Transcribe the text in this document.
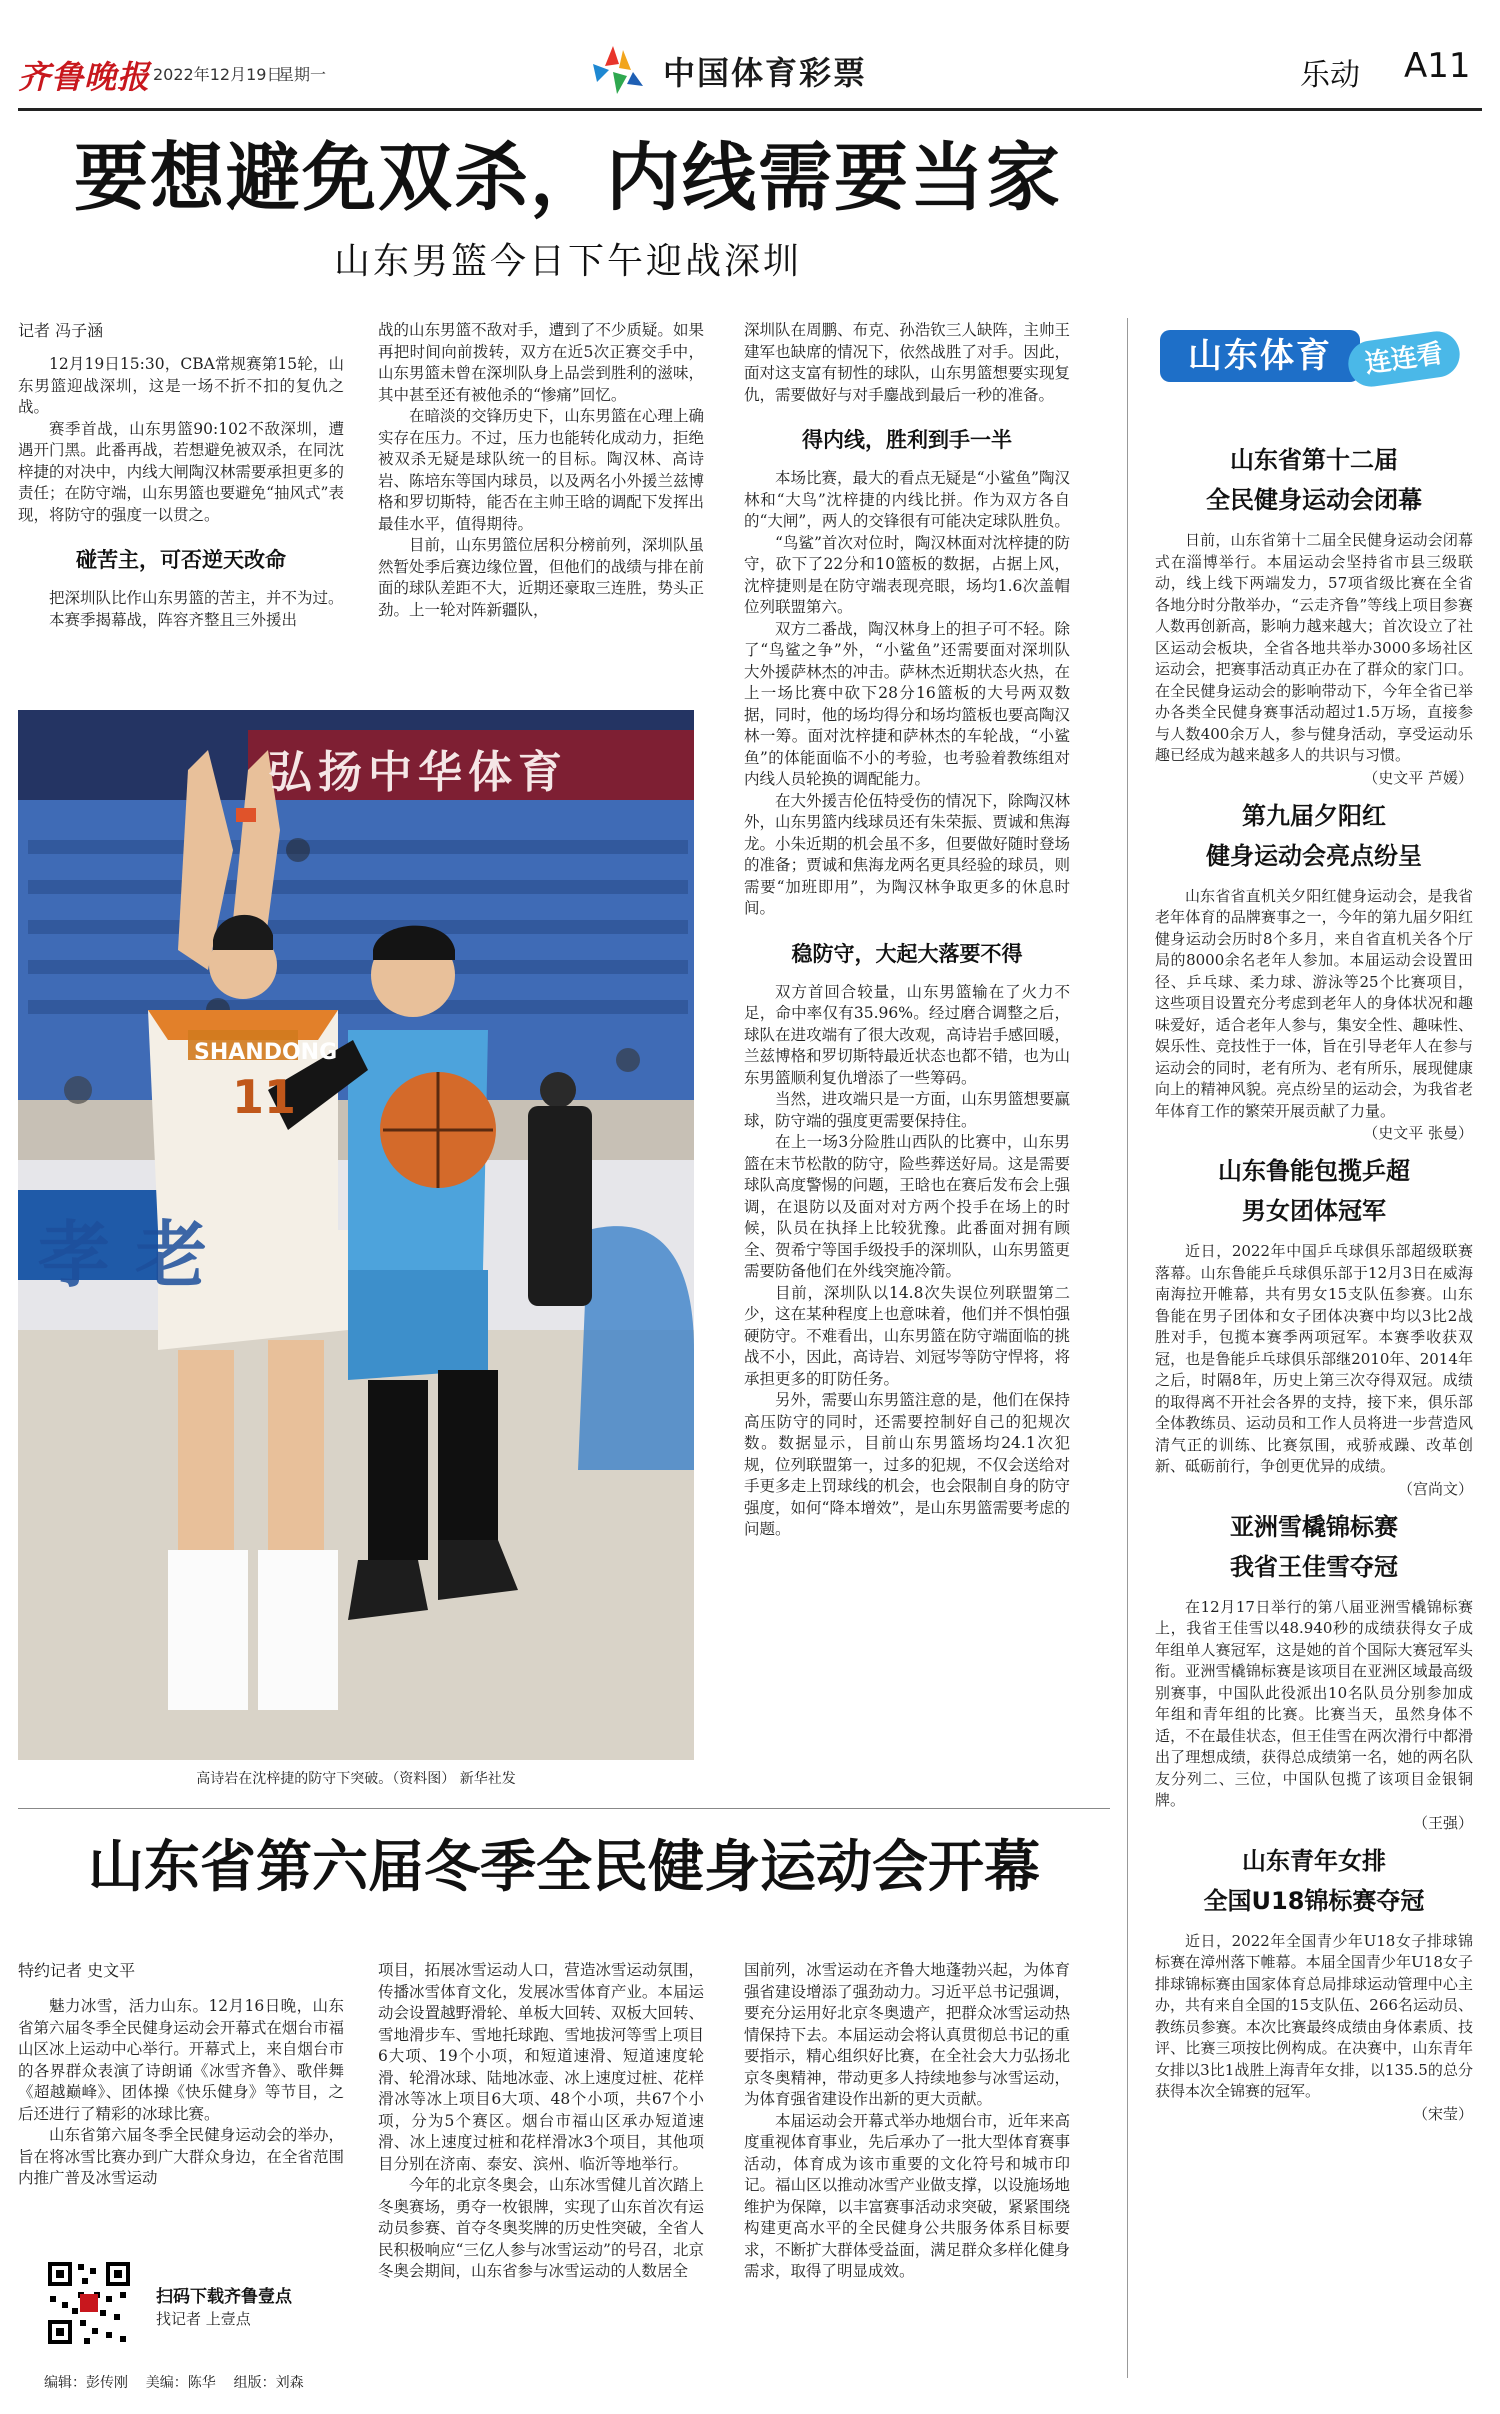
齐鲁晚报 2022年12月19日
星期一	中国体育彩票	乐动 A11
要想避免双杀，内线需要当家
山东男篮今日下午迎战深圳
记者 冯子涵
12月19日15:30，CBA常规赛第15轮，山东男篮迎战深圳，这是一场不折不扣的复仇之战。
赛季首战，山东男篮90:102不敌深圳，遭遇开门黑。此番再战，若想避免被双杀，在同沈梓捷的对决中，内线大闸陶汉林需要承担更多的责任；在防守端，山东男篮也要避免“抽风式”表现，将防守的强度一以贯之。
碰苦主，可否逆天改命
把深圳队比作山东男篮的苦主，并不为过。
本赛季揭幕战，阵容齐整且三外援出
战的山东男篮不敌对手，遭到了不少质疑。如果再把时间向前拨转，双方在近5次正赛交手中，山东男篮未曾在深圳队身上品尝到胜利的滋味，其中甚至还有被他杀的“惨痛”回忆。
在暗淡的交锋历史下，山东男篮在心理上确实存在压力。不过，压力也能转化成动力，拒绝被双杀无疑是球队统一的目标。陶汉林、高诗岩、陈培东等国内球员，以及两名小外援兰兹博格和罗切斯特，能否在主帅王晗的调配下发挥出最佳水平，值得期待。
目前，山东男篮位居积分榜前列，深圳队虽然暂处季后赛边缘位置，但他们的战绩与排在前面的球队差距不大，近期还豪取三连胜，势头正劲。上一轮对阵新疆队，
孝 老
弘扬中华体育
SHANDONG
11
高诗岩在沈梓捷的防守下突破。（资料图） 新华社发
深圳队在周鹏、布克、孙浩钦三人缺阵，主帅王建军也缺席的情况下，依然战胜了对手。因此，面对这支富有韧性的球队，山东男篮想要实现复仇，需要做好与对手鏖战到最后一秒的准备。
得内线，胜利到手一半
本场比赛，最大的看点无疑是“小鲨鱼”陶汉林和“大鸟”沈梓捷的内线比拼。作为双方各自的“大闸”，两人的交锋很有可能决定球队胜负。
“鸟鲨”首次对位时，陶汉林面对沈梓捷的防守，砍下了22分和10篮板的数据，占据上风，沈梓捷则是在防守端表现亮眼，场均1.6次盖帽位列联盟第六。
双方二番战，陶汉林身上的担子可不轻。除了“鸟鲨之争”外，“小鲨鱼”还需要面对深圳队大外援萨林杰的冲击。萨林杰近期状态火热，在上一场比赛中砍下28分16篮板的大号两双数据，同时，他的场均得分和场均篮板也要高陶汉林一筹。面对沈梓捷和萨林杰的车轮战，“小鲨鱼”的体能面临不小的考验，也考验着教练组对内线人员轮换的调配能力。
在大外援吉伦伍特受伤的情况下，除陶汉林外，山东男篮内线球员还有朱荣振、贾诚和焦海龙。小朱近期的机会虽不多，但要做好随时登场的准备；贾诚和焦海龙两名更具经验的球员，则需要“加班即用”，为陶汉林争取更多的休息时间。
稳防守，大起大落要不得
双方首回合较量，山东男篮输在了火力不足，命中率仅有35.96%。经过磨合调整之后，球队在进攻端有了很大改观，高诗岩手感回暖，兰兹博格和罗切斯特最近状态也都不错，也为山东男篮顺利复仇增添了一些筹码。
当然，进攻端只是一方面，山东男篮想要赢球，防守端的强度更需要保持住。
在上一场3分险胜山西队的比赛中，山东男篮在末节松散的防守，险些葬送好局。这是需要球队高度警惕的问题，王晗也在赛后发布会上强调，在退防以及面对对方两个投手在场上的时候，队员在执择上比较犹豫。此番面对拥有顾全、贺希宁等国手级投手的深圳队，山东男篮更需要防备他们在外线突施冷箭。
目前，深圳队以14.8次失误位列联盟第二少，这在某种程度上也意味着，他们并不惧怕强硬防守。不难看出，山东男篮在防守端面临的挑战不小，因此，高诗岩、刘冠岑等防守悍将，将承担更多的盯防任务。
另外，需要山东男篮注意的是，他们在保持高压防守的同时，还需要控制好自己的犯规次数。数据显示，目前山东男篮场均24.1次犯规，位列联盟第一，过多的犯规，不仅会送给对手更多走上罚球线的机会，也会限制自身的防守强度，如何“降本增效”，是山东男篮需要考虑的问题。
山东体育	连连看
山东省第十二届
全民健身运动会闭幕
日前，山东省第十二届全民健身运动会闭幕式在淄博举行。本届运动会坚持省市县三级联动，线上线下两端发力，57项省级比赛在全省各地分时分散举办，“云走齐鲁”等线上项目参赛人数再创新高，影响力越来越大；首次设立了社区运动会板块，全省各地共举办3000多场社区运动会，把赛事活动真正办在了群众的家门口。在全民健身运动会的影响带动下，今年全省已举办各类全民健身赛事活动超过1.5万场，直接参与人数400余万人，参与健身活动，享受运动乐趣已经成为越来越多人的共识与习惯。
（史文平 芦媛）
第九届夕阳红
健身运动会亮点纷呈
山东省省直机关夕阳红健身运动会，是我省老年体育的品牌赛事之一，今年的第九届夕阳红健身运动会历时8个多月，来自省直机关各个厅局的8000余名老年人参加。本届运动会设置田径、乒乓球、柔力球、游泳等25个比赛项目，这些项目设置充分考虑到老年人的身体状况和趣味爱好，适合老年人参与，集安全性、趣味性、娱乐性、竞技性于一体，旨在引导老年人在参与运动会的同时，老有所为、老有所乐，展现健康向上的精神风貌。亮点纷呈的运动会，为我省老年体育工作的繁荣开展贡献了力量。
（史文平 张曼）
山东鲁能包揽乒超
男女团体冠军
近日，2022年中国乒乓球俱乐部超级联赛落幕。山东鲁能乒乓球俱乐部于12月3日在威海南海拉开帷幕，共有男女15支队伍参赛。山东鲁能在男子团体和女子团体决赛中均以3比2战胜对手，包揽本赛季两项冠军。本赛季收获双冠，也是鲁能乒乓球俱乐部继2010年、2014年之后，时隔8年，历史上第三次夺得双冠。成绩的取得离不开社会各界的支持，接下来，俱乐部全体教练员、运动员和工作人员将进一步营造风清气正的训练、比赛氛围，戒骄戒躁、改革创新、砥砺前行，争创更优异的成绩。
（宫尚文）
亚洲雪橇锦标赛
我省王佳雪夺冠
在12月17日举行的第八届亚洲雪橇锦标赛上，我省王佳雪以48.940秒的成绩获得女子成年组单人赛冠军，这是她的首个国际大赛冠军头衔。亚洲雪橇锦标赛是该项目在亚洲区域最高级别赛事，中国队此役派出10名队员分别参加成年组和青年组的比赛。比赛当天，虽然身体不适，不在最佳状态，但王佳雪在两次滑行中都滑出了理想成绩，获得总成绩第一名，她的两名队友分列二、三位，中国队包揽了该项目金银铜牌。
（王强）
山东青年女排
全国U18锦标赛夺冠
近日，2022年全国青少年U18女子排球锦标赛在漳州落下帷幕。本届全国青少年U18女子排球锦标赛由国家体育总局排球运动管理中心主办，共有来自全国的15支队伍、266名运动员、教练员参赛。本次比赛最终成绩由身体素质、技评、比赛三项按比例构成。在决赛中，山东青年女排以3比1战胜上海青年女排，以135.5的总分获得本次全锦赛的冠军。
（宋莹）
山东省第六届冬季全民健身运动会开幕
特约记者 史文平
魅力冰雪，活力山东。12月16日晚，山东省第六届冬季全民健身运动会开幕式在烟台市福山区冰上运动中心举行。开幕式上，来自烟台市的各界群众表演了诗朗诵《冰雪齐鲁》、歌伴舞《超越巅峰》、团体操《快乐健身》等节目，之后还进行了精彩的冰球比赛。
山东省第六届冬季全民健身运动会的举办，旨在将冰雪比赛办到广大群众身边，在全省范围内推广普及冰雪运动
项目，拓展冰雪运动人口，营造冰雪运动氛围，传播冰雪体育文化，发展冰雪体育产业。本届运动会设置越野滑轮、单板大回转、双板大回转、雪地滑步车、雪地托球跑、雪地拔河等雪上项目6大项、19个小项，和短道速滑、短道速度轮滑、轮滑冰球、陆地冰壶、冰上速度过桩、花样滑冰等冰上项目6大项、48个小项，共67个小项，分为5个赛区。烟台市福山区承办短道速滑、冰上速度过桩和花样滑冰3个项目，其他项目分别在济南、泰安、滨州、临沂等地举行。
今年的北京冬奥会，山东冰雪健儿首次踏上冬奥赛场，勇夺一枚银牌，实现了山东首次有运动员参赛、首夺冬奥奖牌的历史性突破，全省人民积极响应“三亿人参与冰雪运动”的号召，北京冬奥会期间，山东省参与冰雪运动的人数居全
国前列，冰雪运动在齐鲁大地蓬勃兴起，为体育强省建设增添了强劲动力。习近平总书记强调，要充分运用好北京冬奥遗产，把群众冰雪运动热情保持下去。本届运动会将认真贯彻总书记的重要指示，精心组织好比赛，在全社会大力弘扬北京冬奥精神，带动更多人持续地参与冰雪运动，为体育强省建设作出新的更大贡献。
本届运动会开幕式举办地烟台市，近年来高度重视体育事业，先后承办了一批大型体育赛事活动，体育成为该市重要的文化符号和城市印记。福山区以推动冰雪产业做支撑，以设施场地维护为保障，以丰富赛事活动求突破，紧紧围绕构建更高水平的全民健身公共服务体系目标要求，不断扩大群体受益面，满足群众多样化健身需求，取得了明显成效。
扫码下载齐鲁壹点
找记者 上壹点
编辑：彭传刚    美编：陈华    组版：刘森
